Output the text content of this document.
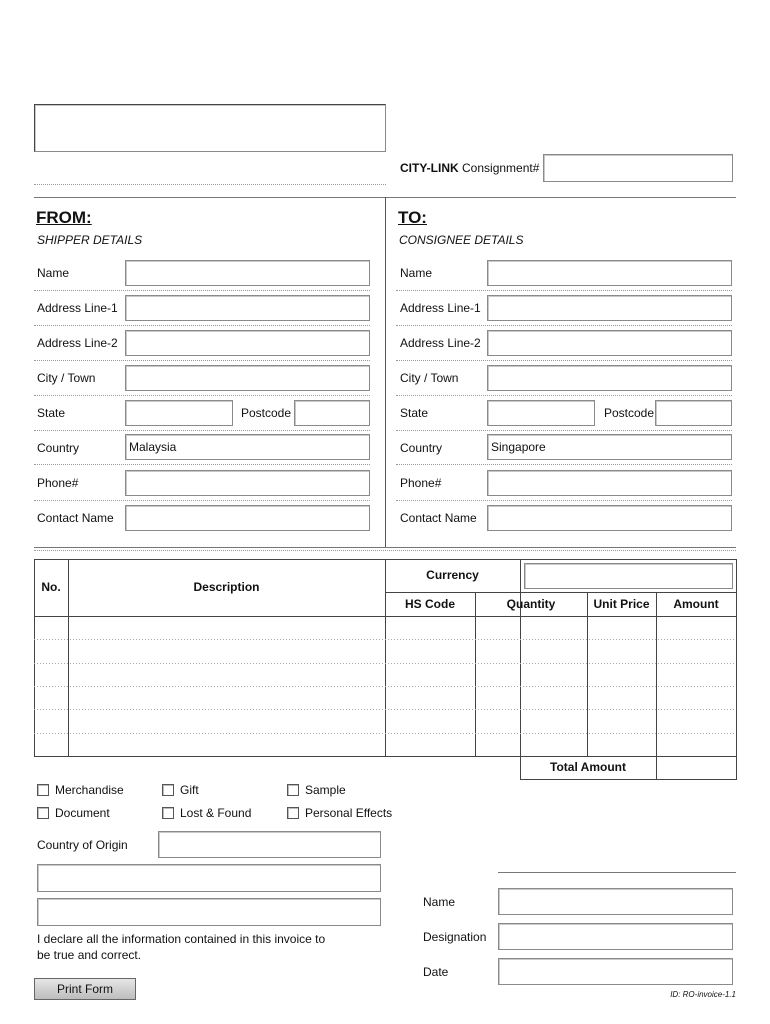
CITY-LINK Consignment#
FROM:
SHIPPER DETAILS
Name
Address Line-1
Address Line-2
City / Town
State	Postcode
Country	Malaysia
Phone#
Contact Name
TO:
CONSIGNEE DETAILS
Name
Address Line-1
Address Line-2
City / Town
State	Postcode
Country	Singapore
Phone#
Contact Name
No.	Description
Currency
HS Code	Quantity	Unit Price	Amount
Total Amount
Merchandise	Gift	Sample
Document	Lost & Found	Personal Effects
Country of Origin
I declare all the information contained in this invoice to be true and correct.
Name
Designation
Date
Print Form	ID: RO-invoice-1.1
